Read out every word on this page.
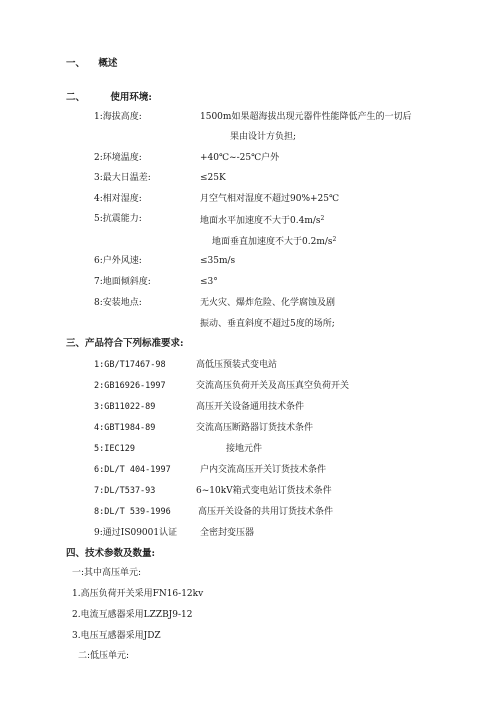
一、 概述
二、	使用环境:
1:海拔高度:	1500m如果超海拔出现元器件性能降低产生的一切后
果由设计方负担;
2:环境温度:	+40℃~-25℃户外
3:最大日温差:	≤25K
4:相对湿度:	月空气相对湿度不超过90%+25℃
5:抗震能力:	地面水平加速度不大于$0.4m/s^2$
地面垂直加速度不大于$0.2m/s^2$
6:户外风速:	≤35m/s
7:地面倾斜度:	≤3°
8:安装地点:	无火灾、爆炸危险、化学腐蚀及剧
振动、垂直斜度不超过5度的场所;
三、产品符合下列标准要求:
1:GB/T17467-98	高低压预装式变电站
2:GB16926-1997	交流高压负荷开关及高压真空负荷开关
3:GB11022-89	高压开关设备通用技术条件
4:GBT1984-89	交流高压断路器订货技术条件
5:IEC129	接地元件
6:DL/T 404-1997	户内交流高压开关订货技术条件
7:DL/T537-93	6~10kV箱式变电站订货技术条件
8:DL/T 539-1996	高压开关设备的共用订货技术条件
9:通过IS09001认证	全密封变压器
四、技术参数及数量:
一:其中高压单元:
1.高压负荷开关采用FN16-12kv
2.电流互感器采用LZZBJ9-12
3.电压互感器采用JDZ
二:低压单元:
